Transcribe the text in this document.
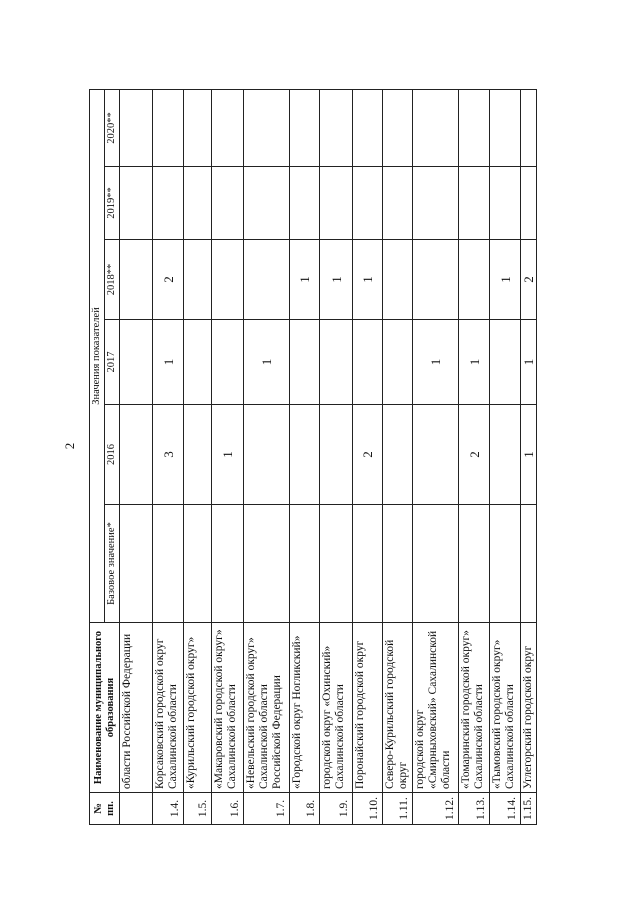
2
№ пп.	Наименование муниципального образования	Значения показателей					
		Базовое значение*	2016	2017	2018**	2019**	2020**
	области Российской Федерации						
1.4.	Корсаковский городской округ Сахалинской области		3	1	2		
1.5.	«Курильский городской округ»						
1.6.	«Макаровский городской округ» Сахалинской области		1				
1.7.	«Невельский городской округ» Сахалинской области Российской Федерации			1			
1.8.	«Городской округ Ногликский»				1		
1.9.	городской округ «Охинский» Сахалинской области				1		
1.10.	Поронайский городской округ		2		1		
1.11.	Северо-Курильский городской округ						
1.12.	городской округ «Смирныховский» Сахалинской области			1			
1.13.	«Томаринский городской округ» Сахалинской области		2	1			
1.14.	«Тымовский городской округ» Сахалинской области				1		
1.15.	Углегорский городской округ		1	1	2		
